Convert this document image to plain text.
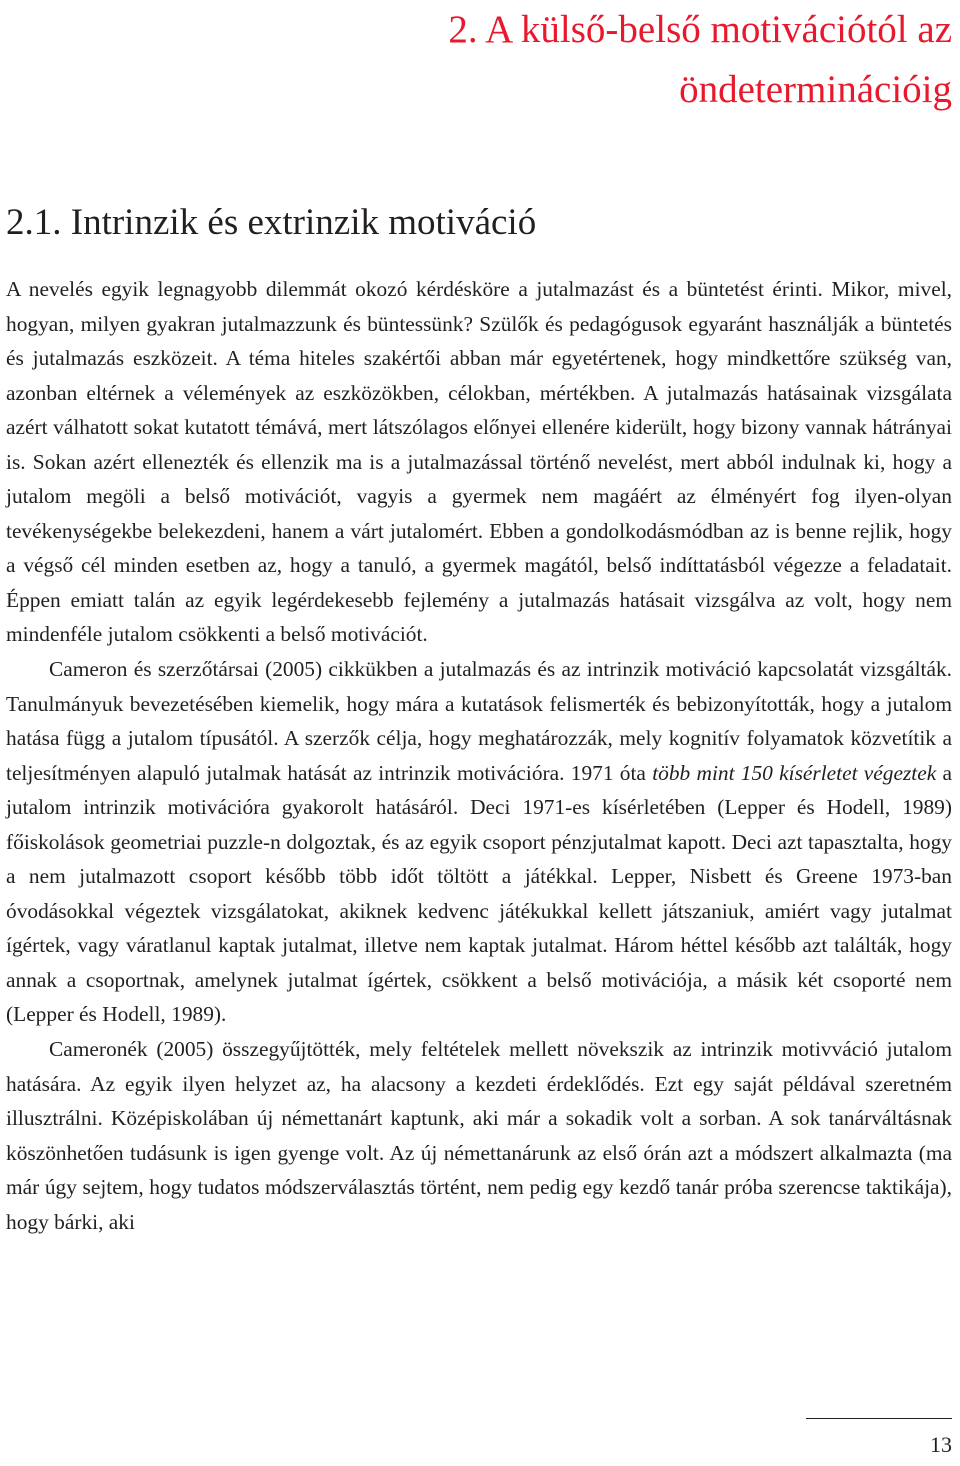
2. A külső-belső motivációtól az
öndeterminációig
2.1. Intrinzik és extrinzik motiváció

A nevelés egyik legnagyobb dilemmát okozó kérdésköre a jutalmazást és a büntetést érinti. Mikor, mivel, hogyan, milyen gyakran jutalmazzunk és büntessünk? Szülők és pedagógusok egyaránt használják a büntetés és jutalmazás eszközeit. A téma hiteles szakértői abban már egyetértenek, hogy mindkettőre szükség van, azonban eltérnek a vélemények az eszközökben, célokban, mértékben. A jutalmazás hatásainak vizsgálata azért válhatott sokat kutatott témává, mert látszólagos előnyei ellenére kiderült, hogy bizony vannak hátrányai is. Sokan azért ellenezték és ellenzik ma is a jutalmazással történő nevelést, mert abból indulnak ki, hogy a jutalom megöli a belső motivációt, vagyis a gyermek nem magáért az élményért fog ilyen-olyan tevékenységekbe belekezdeni, hanem a várt jutalomért. Ebben a gondolkodásmódban az is benne rejlik, hogy a végső cél minden esetben az, hogy a tanuló, a gyermek magától, belső indíttatásból végezze a feladatait. Éppen emiatt talán az egyik legérdekesebb fejlemény a jutalmazás hatásait vizsgálva az volt, hogy nem mindenféle jutalom csökkenti a belső motivációt.

Cameron és szerzőtársai (2005) cikkükben a jutalmazás és az intrinzik motiváció kapcsolatát vizsgálták. Tanulmányuk bevezetésében kiemelik, hogy mára a kutatások felismerték és bebizonyították, hogy a jutalom hatása függ a jutalom típusától. A szerzők célja, hogy meghatározzák, mely kognitív folyamatok közvetítik a teljesítményen alapuló jutalmak hatását az intrinzik motivációra. 1971 óta több mint 150 kísérletet végeztek a jutalom intrinzik motivációra gyakorolt hatásáról. Deci 1971-es kísérletében (Lepper és Hodell, 1989) főiskolások geometriai puzzle-n dolgoztak, és az egyik csoport pénzjutalmat kapott. Deci azt tapasztalta, hogy a nem jutalmazott csoport később több időt töltött a játékkal. Lepper, Nisbett és Greene 1973-ban óvodásokkal végeztek vizsgálatokat, akiknek kedvenc játékukkal kellett játszaniuk, amiért vagy jutalmat ígértek, vagy váratlanul kaptak jutalmat, illetve nem kaptak jutalmat. Három héttel később azt találták, hogy annak a csoportnak, amelynek jutalmat ígértek, csökkent a belső motivációja, a másik két csoporté nem (Lepper és Hodell, 1989).

Cameronék (2005) összegyűjtötték, mely feltételek mellett növekszik az intrinzik motivváció jutalom hatására. Az egyik ilyen helyzet az, ha alacsony a kezdeti érdeklődés. Ezt egy saját példával szeretném illusztrálni. Középiskolában új némettanárt kaptunk, aki már a sokadik volt a sorban. A sok tanárváltásnak köszönhetően tudásunk is igen gyenge volt. Az új némettanárunk az első órán azt a módszert alkalmazta (ma már úgy sejtem, hogy tudatos módszerválasztás történt, nem pedig egy kezdő tanár próba szerencse taktikája), hogy bárki, aki

13
